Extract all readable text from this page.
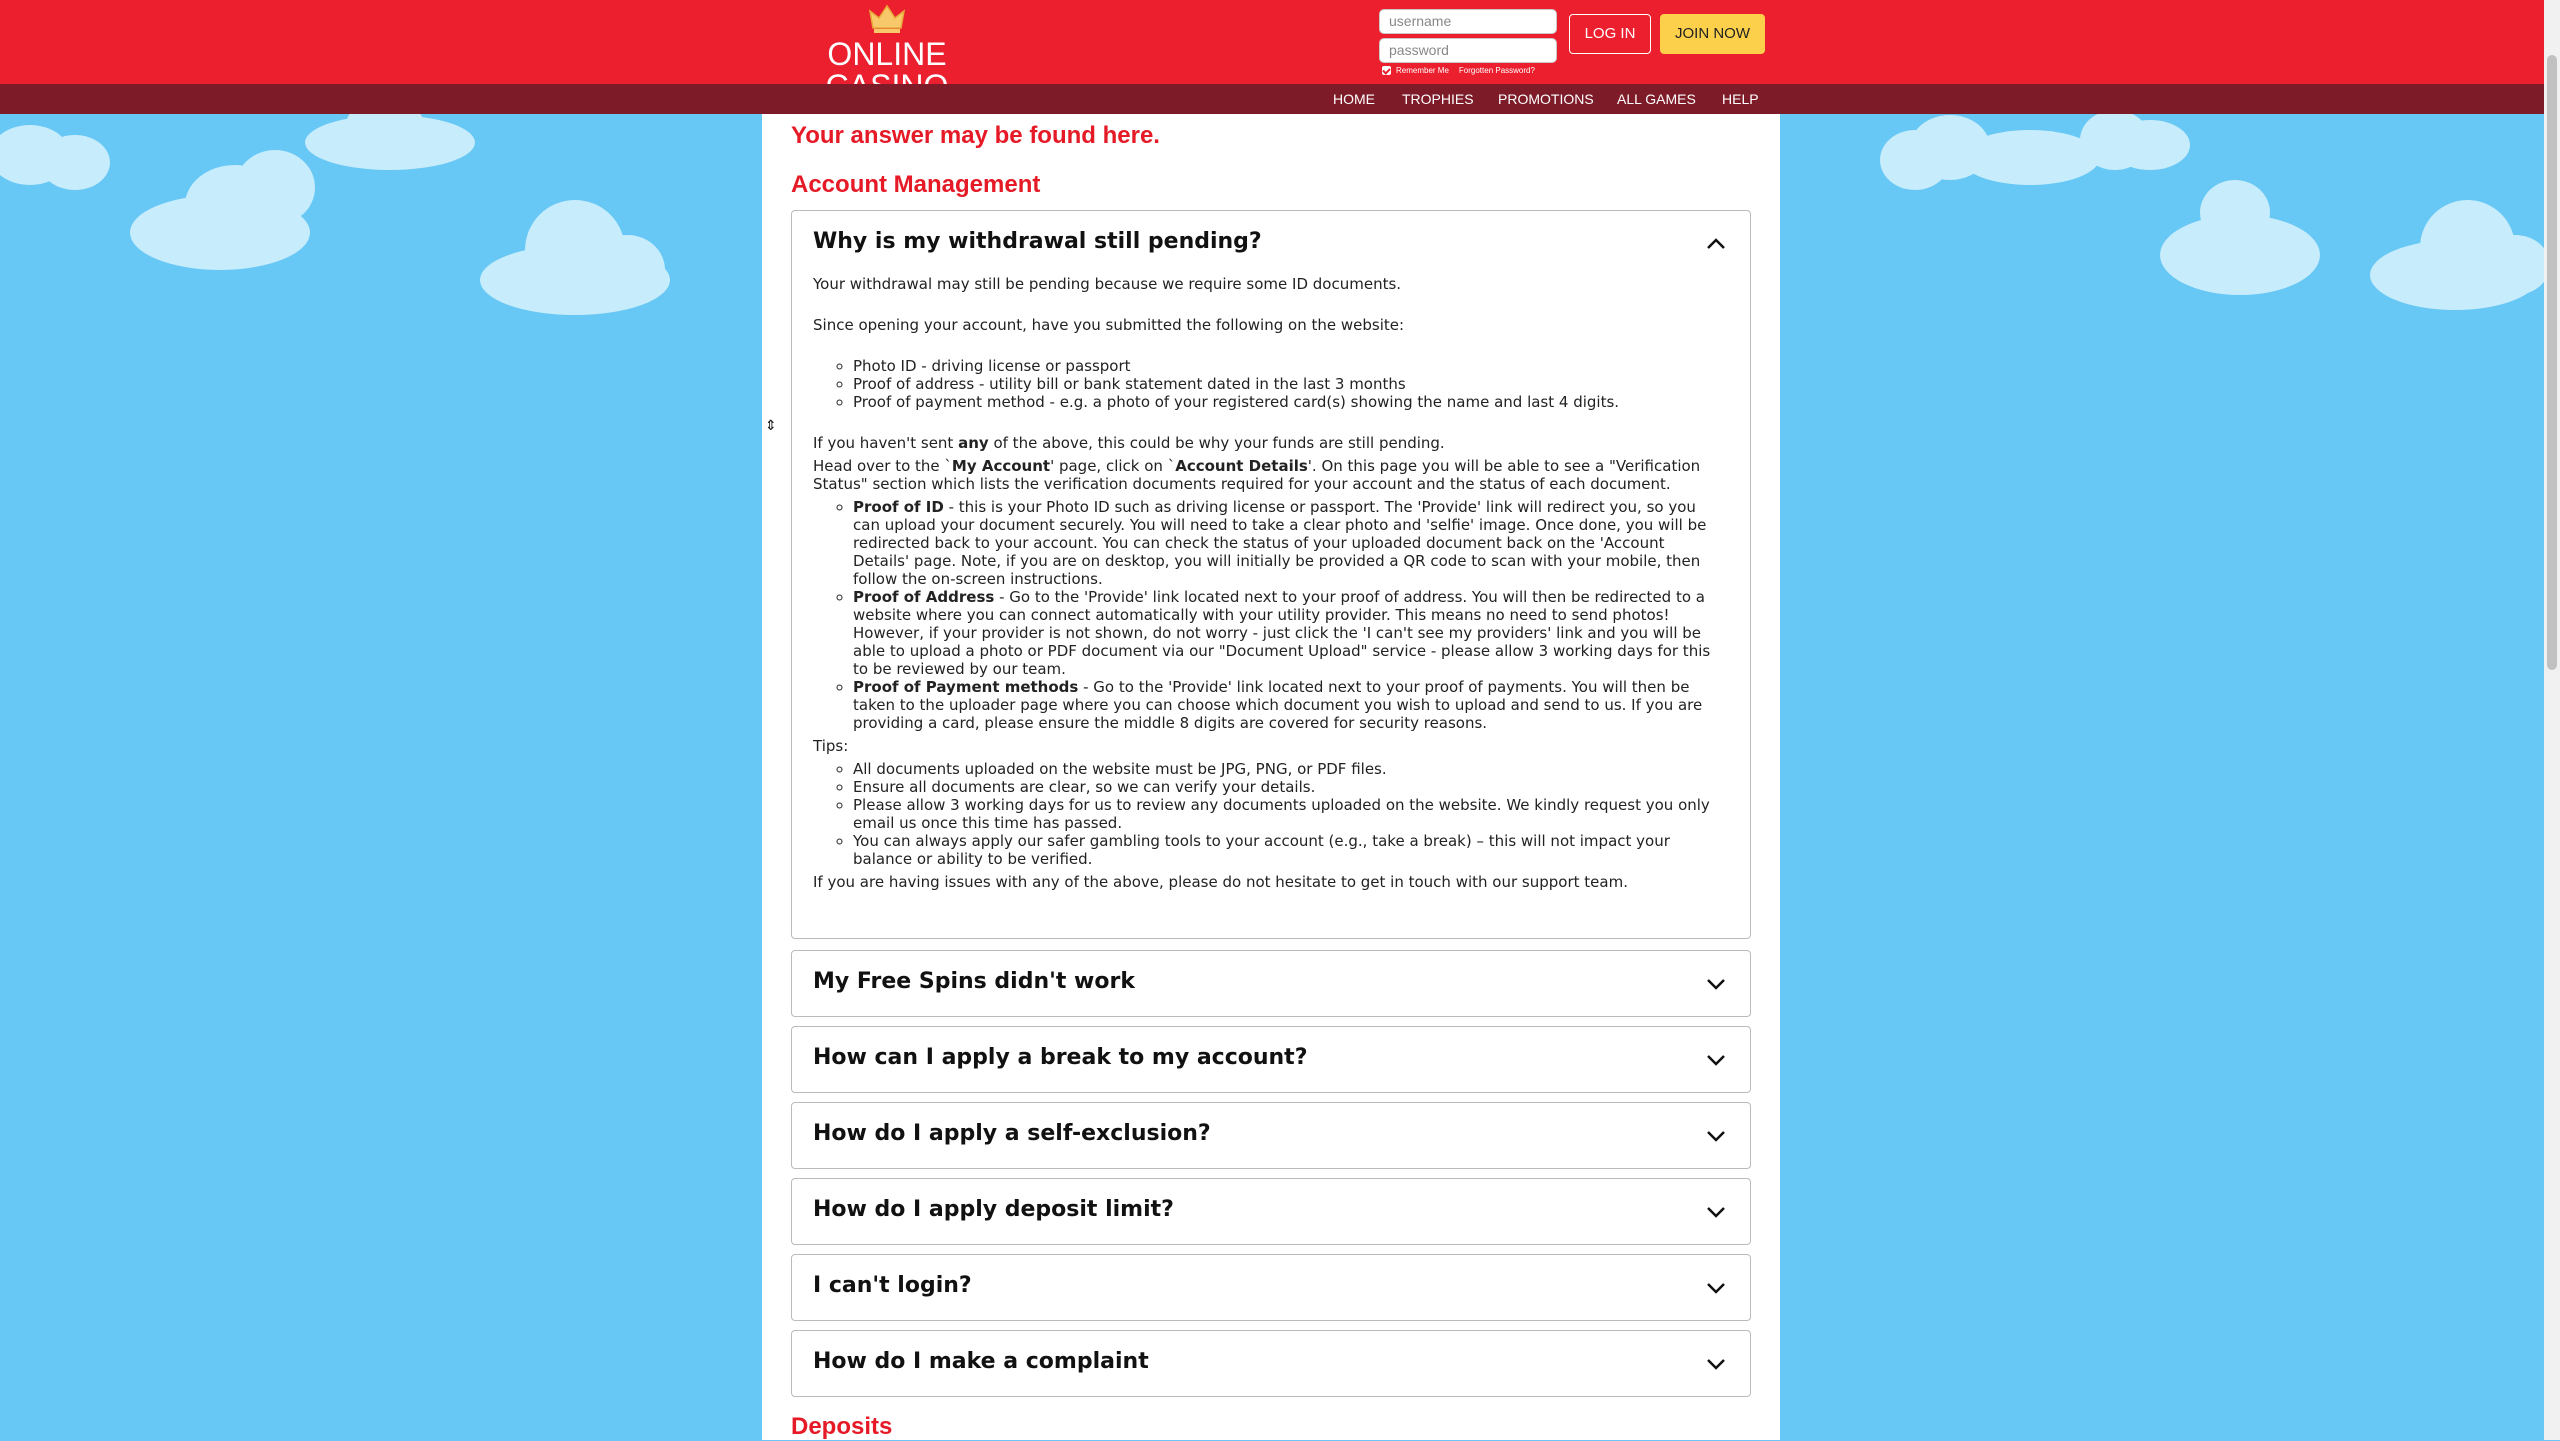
ONLINE
username
password
Remember Me Forgotten Password?
LOG IN	JOIN NOW
HOME TROPHIES PROMOTIONS ALL GAMES HELP
Your answer may be found here.
Account Management
Why is my withdrawal still pending?

Your withdrawal may still be pending because we require some ID documents.

Since opening your account, have you submitted the following on the website:

◦ Photo ID - driving license or passport
◦ Proof of address - utility bill or bank statement dated in the last 3 months
◦ Proof of payment method - e.g. a photo of your registered card(s) showing the name and last 4 digits.

If you haven't sent any of the above, this could be why your funds are still pending.

Head over to the `My Account' page, click on `Account Details'. On this page you will be able to see a "Verification Status" section which lists the verification documents required for your account and the status of each document.

◦ Proof of ID - this is your Photo ID such as driving license or passport. The 'Provide' link will redirect you, so you can upload your document securely. You will need to take a clear photo and 'selfie' image. Once done, you will be redirected back to your account. You can check the status of your uploaded document back on the 'Account Details' page. Note, if you are on desktop, you will initially be provided a QR code to scan with your mobile, then follow the on-screen instructions.
◦ Proof of Address - Go to the 'Provide' link located next to your proof of address. You will then be redirected to a website where you can connect automatically with your utility provider. This means no need to send photos! However, if your provider is not shown, do not worry - just click the 'I can't see my providers' link and you will be able to upload a photo or PDF document via our "Document Upload" service - please allow 3 working days for this to be reviewed by our team.
◦ Proof of Payment methods - Go to the 'Provide' link located next to your proof of payments. You will then be taken to the uploader page where you can choose which document you wish to upload and send to us. If you are providing a card, please ensure the middle 8 digits are covered for security reasons.

Tips:

◦ All documents uploaded on the website must be JPG, PNG, or PDF files.
◦ Ensure all documents are clear, so we can verify your details.
◦ Please allow 3 working days for us to review any documents uploaded on the website. We kindly request you only email us once this time has passed.
◦ You can always apply our safer gambling tools to your account (e.g., take a break) – this will not impact your balance or ability to be verified.

If you are having issues with any of the above, please do not hesitate to get in touch with our support team.

My Free Spins didn't work
How can I apply a break to my account?
How do I apply a self-exclusion?
How do I apply deposit limit?
I can't login?
How do I make a complaint
Deposits
⇕
